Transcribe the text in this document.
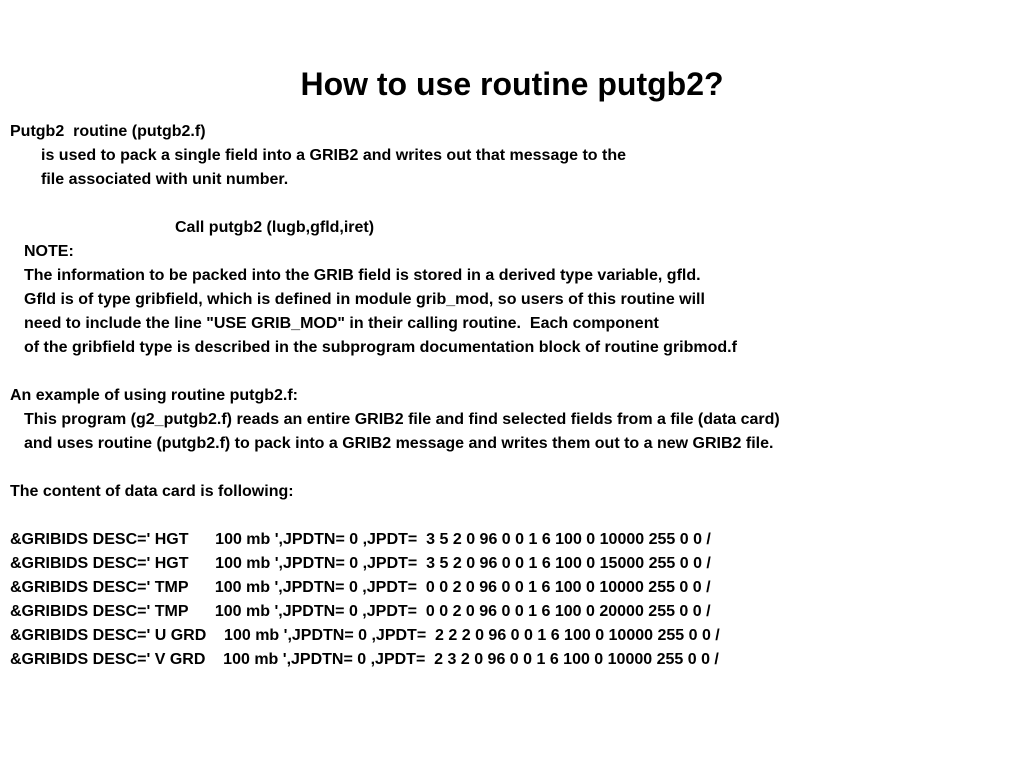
How to use routine putgb2?
Putgb2  routine (putgb2.f)
is used to pack a single field into a GRIB2 and writes out that message to the
file associated with unit number.
Call putgb2 (lugb,gfld,iret)
NOTE:
The information to be packed into the GRIB field is stored in a derived type variable, gfld.
Gfld is of type gribfield, which is defined in module grib_mod, so users of this routine will
need to include the line "USE GRIB_MOD" in their calling routine.  Each component
of the gribfield type is described in the subprogram documentation block of routine gribmod.f
An example of using routine putgb2.f:
This program (g2_putgb2.f) reads an entire GRIB2 file and find selected fields from a file (data card)
and uses routine (putgb2.f) to pack into a GRIB2 message and writes them out to a new GRIB2 file.
The content of data card is following:
&GRIBIDS DESC=' HGT      100 mb ',JPDTN= 0 ,JPDT=  3 5 2 0 96 0 0 1 6 100 0 10000 255 0 0 /
&GRIBIDS DESC=' HGT      100 mb ',JPDTN= 0 ,JPDT=  3 5 2 0 96 0 0 1 6 100 0 15000 255 0 0 /
&GRIBIDS DESC=' TMP      100 mb ',JPDTN= 0 ,JPDT=  0 0 2 0 96 0 0 1 6 100 0 10000 255 0 0 /
&GRIBIDS DESC=' TMP      100 mb ',JPDTN= 0 ,JPDT=  0 0 2 0 96 0 0 1 6 100 0 20000 255 0 0 /
&GRIBIDS DESC=' U GRD    100 mb ',JPDTN= 0 ,JPDT=  2 2 2 0 96 0 0 1 6 100 0 10000 255 0 0 /
&GRIBIDS DESC=' V GRD    100 mb ',JPDTN= 0 ,JPDT=  2 3 2 0 96 0 0 1 6 100 0 10000 255 0 0 /
